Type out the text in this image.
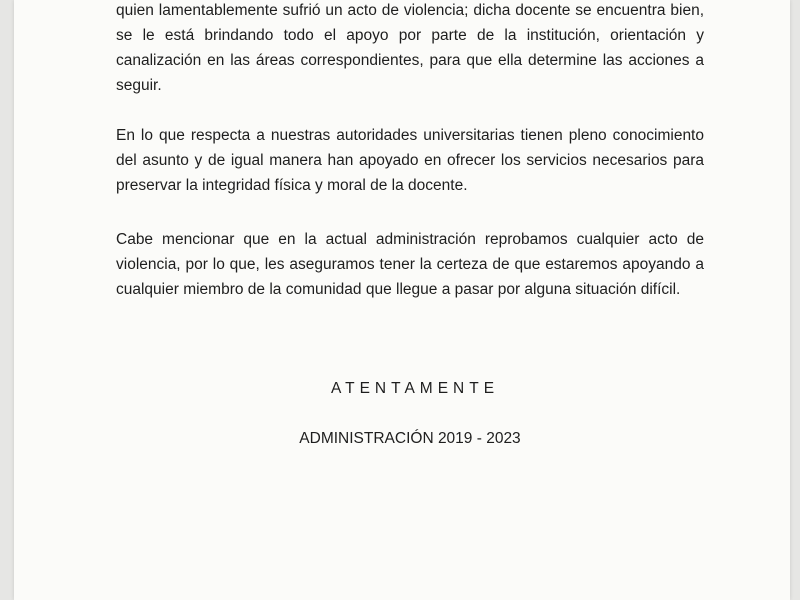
quien lamentablemente sufrió un acto de violencia; dicha docente se encuentra bien, se le está brindando todo el apoyo por parte de la institución, orientación y canalización en las áreas correspondientes, para que ella determine las acciones a seguir.

En lo que respecta a nuestras autoridades universitarias tienen pleno conocimiento del asunto y de igual manera han apoyado en ofrecer los servicios necesarios para preservar la integridad física y moral de la docente.

Cabe mencionar que en la actual administración reprobamos cualquier acto de violencia, por lo que, les aseguramos tener la certeza de que estaremos apoyando a cualquier miembro de la comunidad que llegue a pasar por alguna situación difícil.

ATENTAMENTE

ADMINISTRACIÓN 2019 - 2023
